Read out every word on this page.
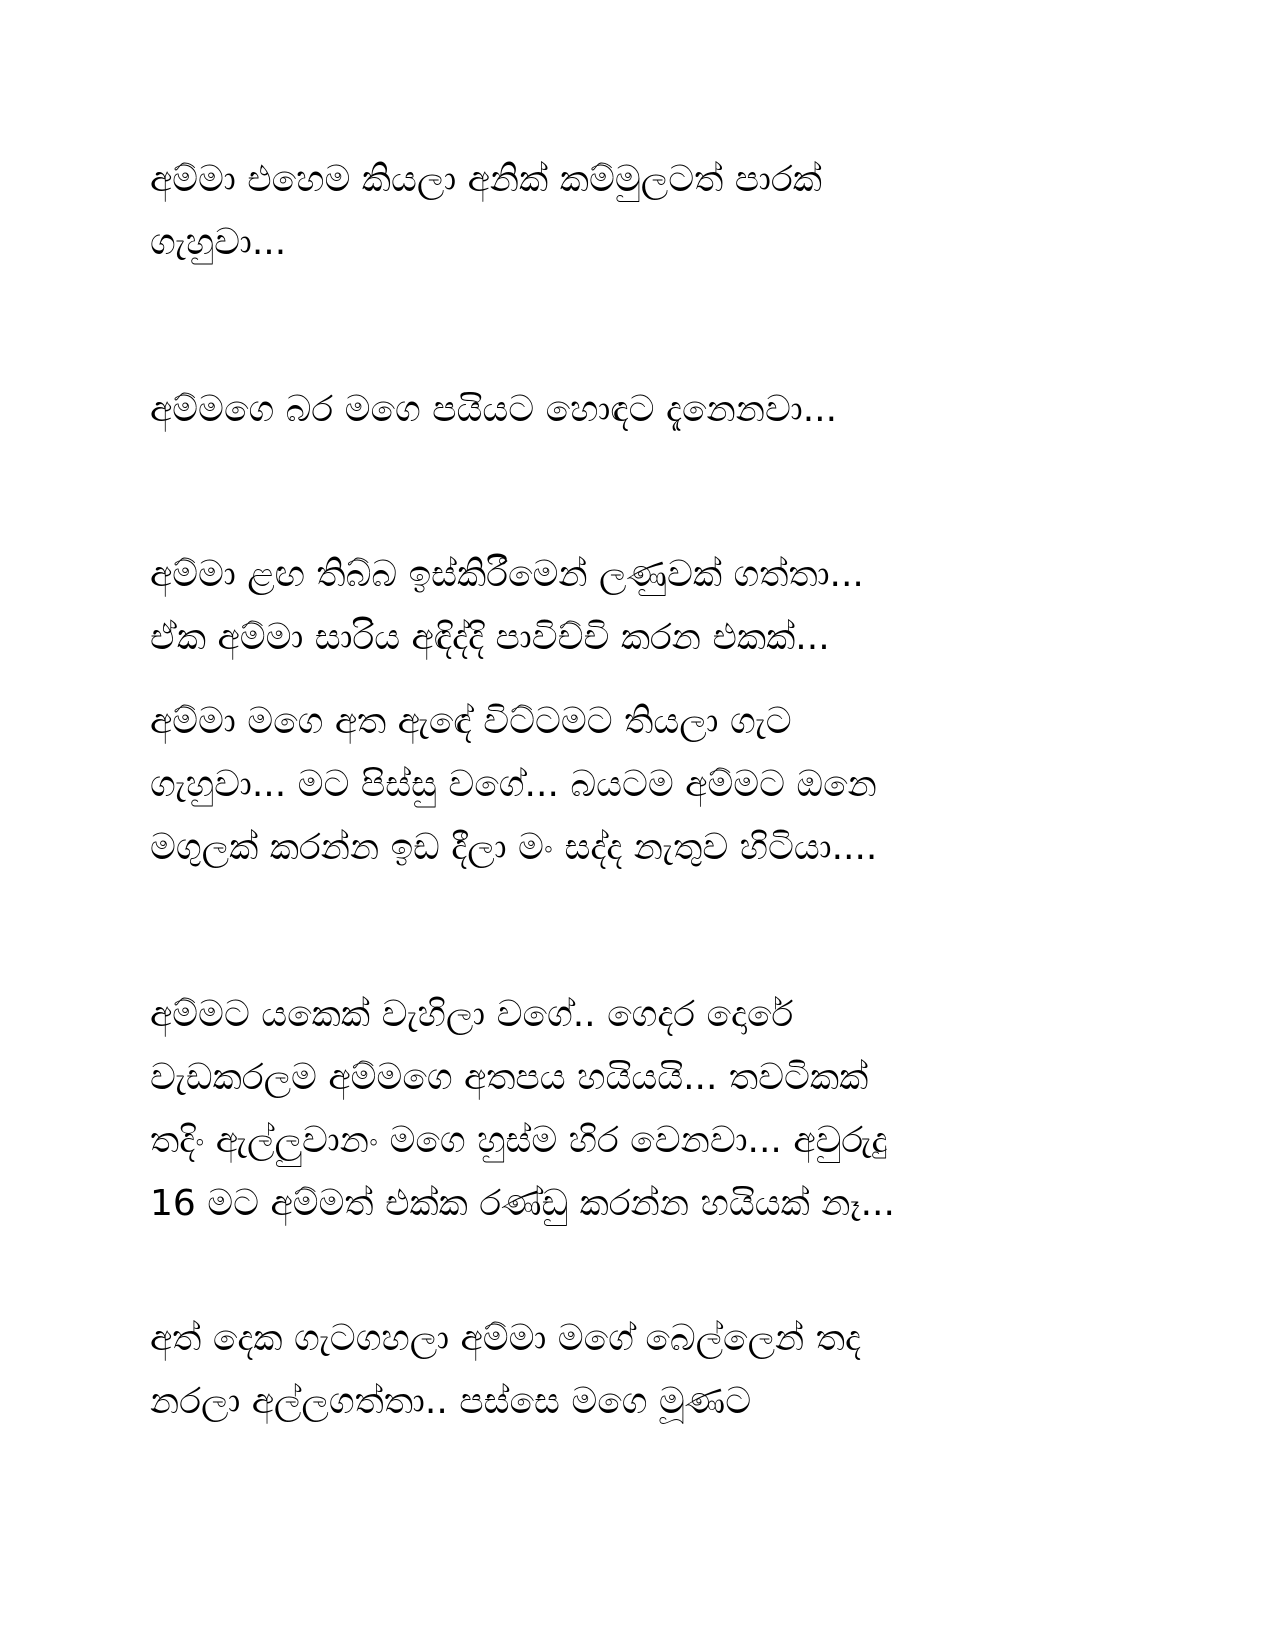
අම්මා එහෙම කියලා අනික් කම්මුලටත් පාරක්
ගැහුවා...

අම්මගෙ බර මගෙ පයියට හොඳට දැනෙනවා...

අම්මා ළඟ තිබ්බ ඉස්කිරීමෙන් ලණුවක් ගත්තා...
ඒක අම්මා සාරිය අඳිද්දි පාවිච්චි කරන එකක්...

අම්මා මගෙ අත ඇඳේ විට්ටමට තියලා ගැට
ගැහුවා... මට පිස්සු වගේ... බයටම අම්මට ඔනෙ
මගුලක් කරන්න ඉඩ දීලා මං සද්ද නැතුව හිටියා....

අම්මට යකෙක් වැහිලා වගේ.. ගෙදර දොරේ
වැඩකරලම අම්මගෙ අතපය හයියයි... තවටිකක්
තදිං ඇල්ලුවානං මගෙ හුස්ම හිර වෙනවා... අවුරුදු
16 මට අම්මත් එක්ක රණ්ඩු කරන්න හයියක් නෑ...

අත් දෙක ගැටගහලා අම්මා මගේ බෙල්ලෙන් තද
නරලා අල්ලගත්තා.. පස්සෙ මගෙ මූණට
